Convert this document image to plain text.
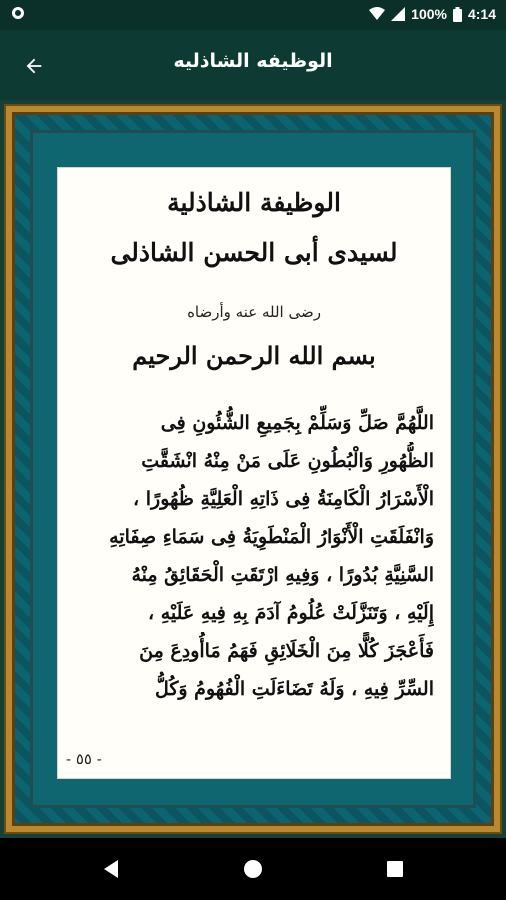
100% 4:14
الوظيفه الشاذليه
الوظيفة الشاذلية
لسيدى أبى الحسن الشاذلى
رضى الله عنه وأرضاه
بسم الله الرحمن الرحيم
اللَّهُمَّ صَلِّ وَسَلِّمْ بِجَمِيعِ الشُّئُونِ فِى
الظُّهُورِ وَالْبُطُونِ عَلَى مَنْ مِنْهُ انْشَقَّتِ
الْأَسْرَارُ الْكَامِنَةُ فِى ذَاتِهِ الْعَلِيَّةِ ظُهُورًا ،
وَانْفَلَقَتِ الْأَنْوَارُ الْمَنْطَوِيَةُ فِى سَمَاءِ صِفَاتِهِ
السَّنِيَّةِ بُدُورًا ، وَفِيهِ ارْتَقَتِ الْحَقَائِقُ مِنْهُ
إِلَيْهِ ، وَتَنَزَّلَتْ عُلُومُ آدَمَ بِهِ فِيهِ عَلَيْهِ ،
فَأَعْجَزَ كُلًّا مِنَ الْخَلَائِقِ فَهَمُ مَاأُودِعَ مِنَ
السِّرِّ فِيهِ ، وَلَهُ تَضَاءَلَتِ الْفُهُومُ وَكُلُّ
- ٥٥ -
